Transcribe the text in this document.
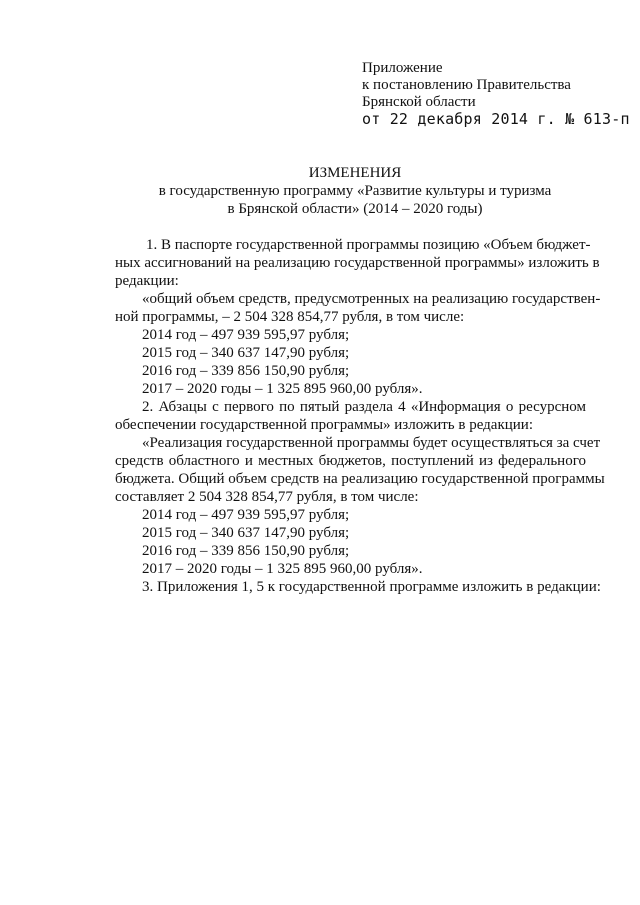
Приложение
к постановлению Правительства
Брянской области
от 22 декабря 2014 г. № 613-п
ИЗМЕНЕНИЯ
в государственную программу «Развитие культуры и туризма
в Брянской области» (2014 – 2020 годы)
1. В паспорте государственной программы позицию «Объем бюджет-
ных ассигнований на реализацию государственной программы» изложить в
редакции:
«общий объем средств, предусмотренных на реализацию государствен-
ной программы, – 2 504 328 854,77 рубля, в том числе:
2014 год – 497 939 595,97 рубля;
2015 год – 340 637 147,90 рубля;
2016 год – 339 856 150,90 рубля;
2017 – 2020 годы – 1 325 895 960,00 рубля».
2. Абзацы с первого по пятый раздела 4 «Информация о ресурсном
обеспечении государственной программы» изложить в редакции:
«Реализация государственной программы будет осуществляться за счет
средств областного и местных бюджетов, поступлений из федерального
бюджета. Общий объем средств на реализацию государственной программы
составляет 2 504 328 854,77 рубля, в том числе:
2014 год – 497 939 595,97 рубля;
2015 год – 340 637 147,90 рубля;
2016 год – 339 856 150,90 рубля;
2017 – 2020 годы – 1 325 895 960,00 рубля».
3. Приложения 1, 5 к государственной программе изложить в редакции:
